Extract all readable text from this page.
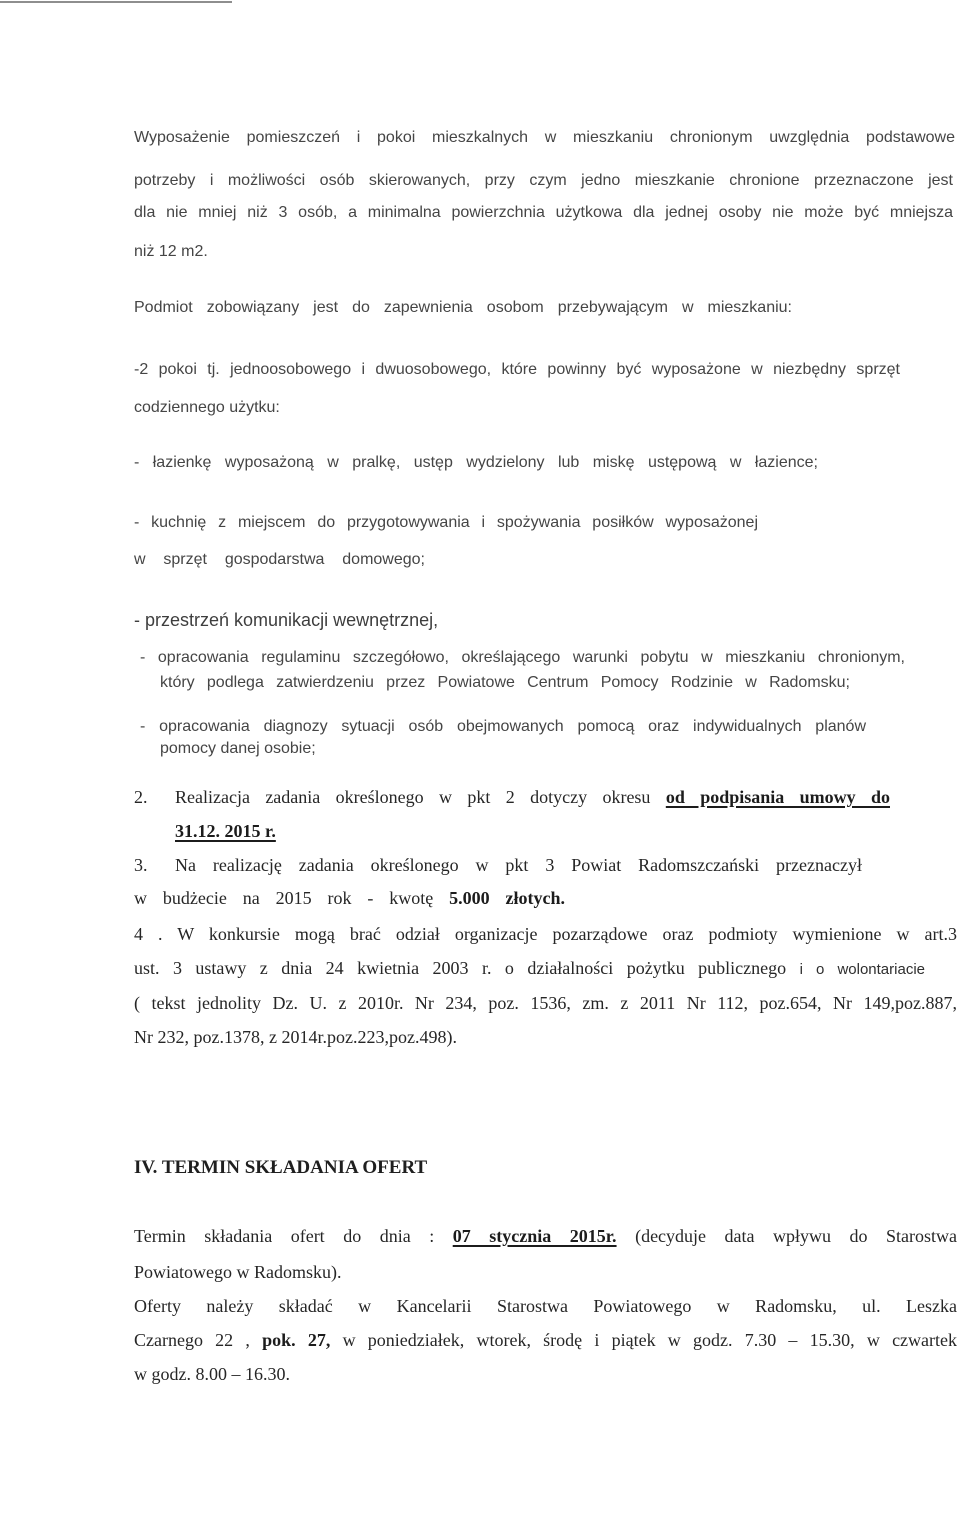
Wyposażenie pomieszczeń i pokoi mieszkalnych w mieszkaniu chronionym uwzględnia podstawowe
potrzeby i możliwości osób skierowanych, przy czym jedno mieszkanie chronione przeznaczone jest
dla nie mniej niż 3 osób, a minimalna powierzchnia użytkowa dla jednej osoby nie może być mniejsza
niż 12 m2.
Podmiot zobowiązany jest do zapewnienia osobom przebywającym w mieszkaniu:
-2 pokoi tj. jednoosobowego i dwuosobowego, które powinny być wyposażone w niezbędny sprzęt
codziennego użytku:
- łazienkę wyposażoną w pralkę, ustęp wydzielony lub miskę ustępową w łazience;
- kuchnię z miejscem do przygotowywania i spożywania posiłków wyposażonej
w sprzęt gospodarstwa domowego;
- przestrzeń komunikacji wewnętrznej,
- opracowania regulaminu szczegółowo, określającego warunki pobytu w mieszkaniu chronionym,
który podlega zatwierdzeniu przez Powiatowe Centrum Pomocy Rodzinie w Radomsku;
- opracowania diagnozy sytuacji osób obejmowanych pomocą oraz indywidualnych planów
pomocy danej osobie;
2. Realizacja zadania określonego w pkt 2 dotyczy okresu od podpisania umowy do
31.12. 2015 r.
3. Na realizację zadania określonego w pkt 3 Powiat Radomszczański przeznaczył
w budżecie na 2015 rok - kwotę 5.000 złotych.
4 . W konkursie mogą brać odział organizacje pozarządowe oraz podmioty wymienione w art.3
ust. 3 ustawy z dnia 24 kwietnia 2003 r. o działalności pożytku publicznego i o wolontariacie
( tekst jednolity Dz. U. z 2010r. Nr 234, poz. 1536, zm. z 2011 Nr 112, poz.654, Nr 149,poz.887,
Nr 232, poz.1378, z 2014r.poz.223,poz.498).
IV. TERMIN SKŁADANIA OFERT
Termin składania ofert do dnia : 07 stycznia 2015r. (decyduje data wpływu do Starostwa
Powiatowego w Radomsku).
Oferty należy składać w Kancelarii Starostwa Powiatowego w Radomsku, ul. Leszka
Czarnego 22 , pok. 27, w poniedziałek, wtorek, środę i piątek w godz. 7.30 – 15.30, w czwartek
w godz. 8.00 – 16.30.
